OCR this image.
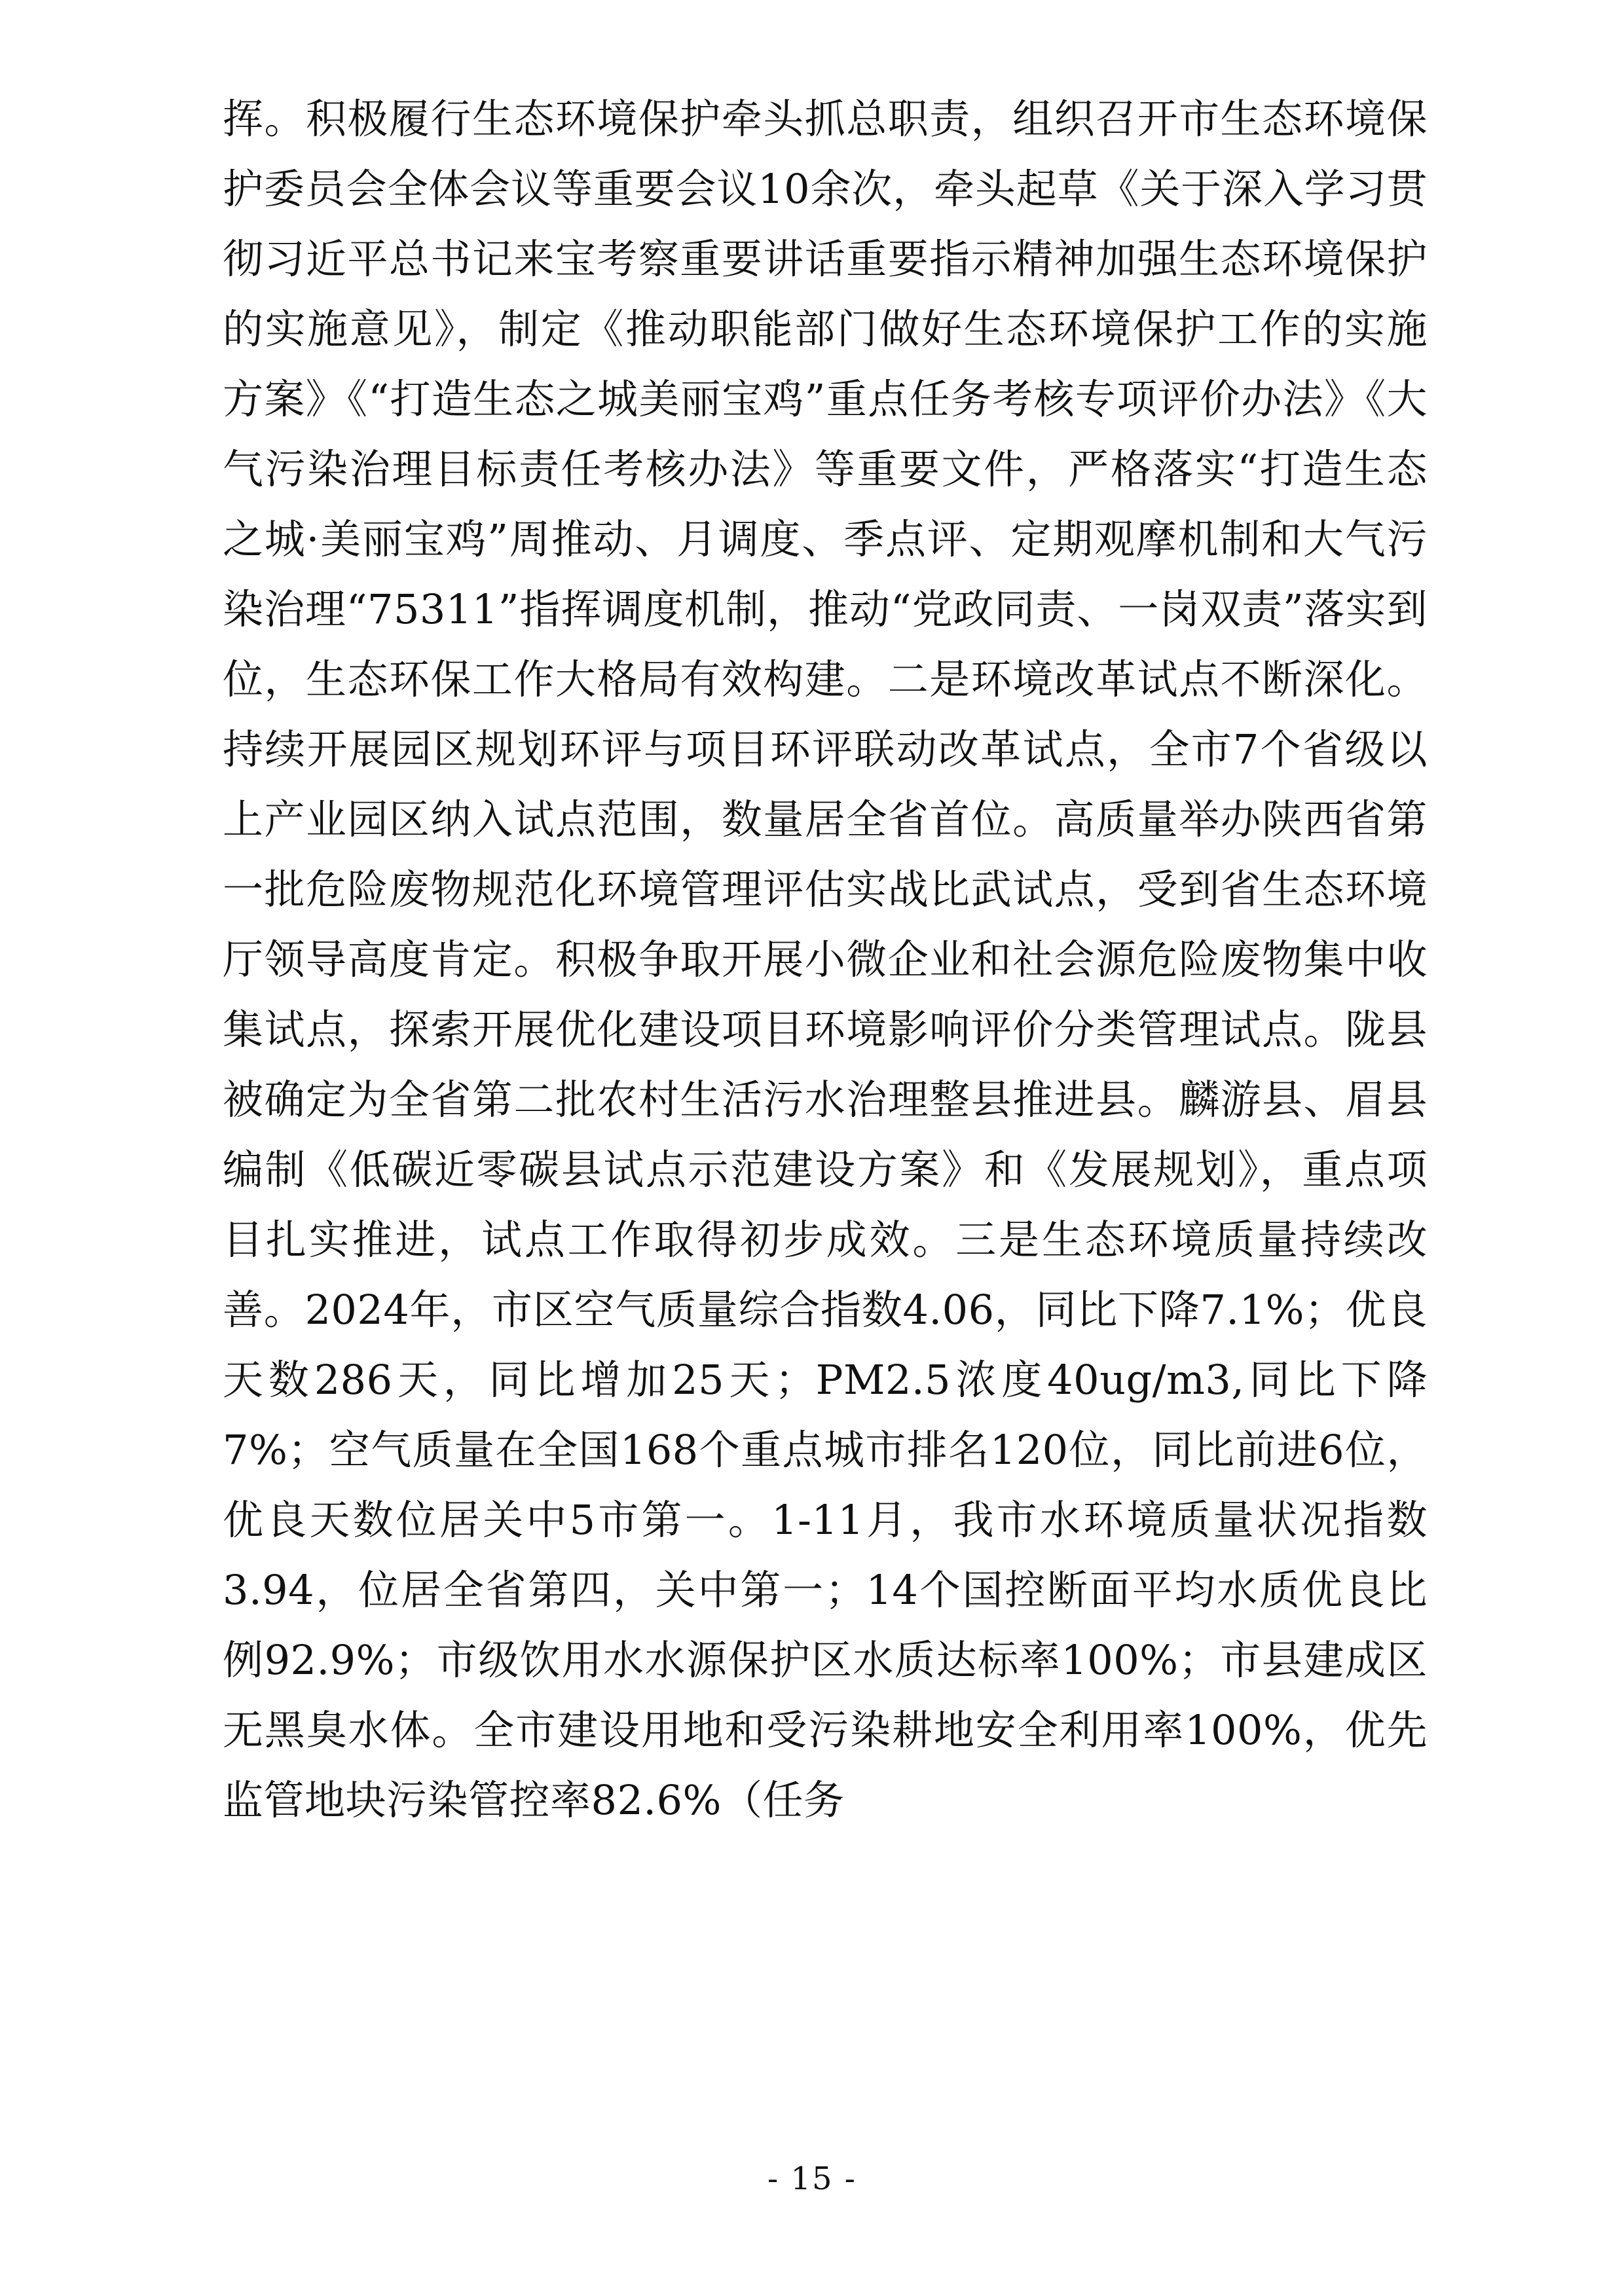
挥。积极履行生态环境保护牵头抓总职责，组织召开市生态环境保护委员会全体会议等重要会议10余次，牵头起草《关于深入学习贯彻习近平总书记来宝考察重要讲话重要指示精神加强生态环境保护的实施意见》，制定《推动职能部门做好生态环境保护工作的实施方案》《“打造生态之城美丽宝鸡”重点任务考核专项评价办法》《大气污染治理目标责任考核办法》等重要文件，严格落实“打造生态之城·美丽宝鸡”周推动、月调度、季点评、定期观摩机制和大气污染治理“75311”指挥调度机制，推动“党政同责、一岗双责”落实到位，生态环保工作大格局有效构建。二是环境改革试点不断深化。持续开展园区规划环评与项目环评联动改革试点，全市7个省级以上产业园区纳入试点范围，数量居全省首位。高质量举办陕西省第一批危险废物规范化环境管理评估实战比武试点，受到省生态环境厅领导高度肯定。积极争取开展小微企业和社会源危险废物集中收集试点，探索开展优化建设项目环境影响评价分类管理试点。陇县被确定为全省第二批农村生活污水治理整县推进县。麟游县、眉县编制《低碳近零碳县试点示范建设方案》和《发展规划》，重点项目扎实推进，试点工作取得初步成效。三是生态环境质量持续改善。2024年，市区空气质量综合指数4.06，同比下降7.1%；优良天数286天，同比增加25天；PM2.5浓度40ug/m3,同比下降7%；空气质量在全国168个重点城市排名120位，同比前进6位，优良天数位居关中5市第一。1-11月，我市水环境质量状况指数3.94，位居全省第四，关中第一；14个国控断面平均水质优良比例92.9%；市级饮用水水源保护区水质达标率100%；市县建成区无黑臭水体。全市建设用地和受污染耕地安全利用率100%，优先监管地块污染管控率82.6%（任务

- 15 -
